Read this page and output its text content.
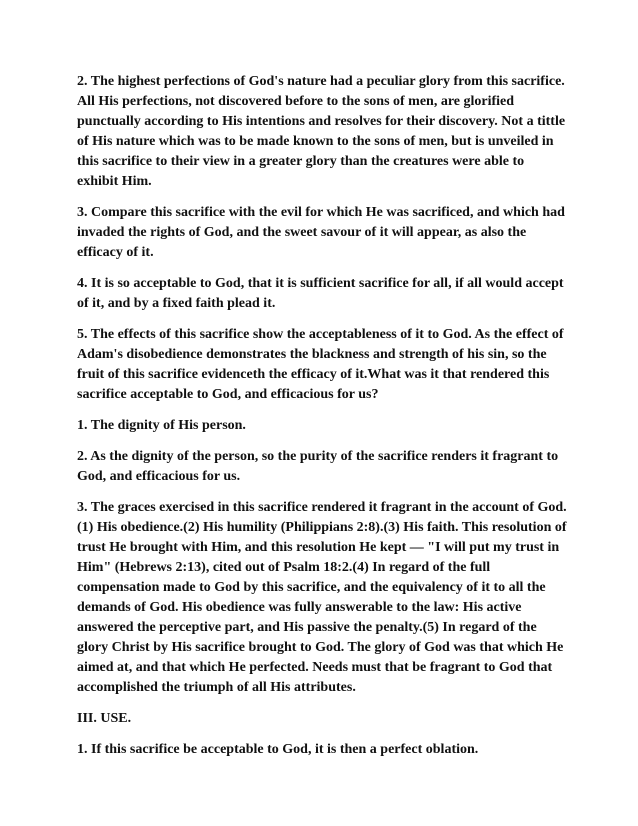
2. The highest perfections of God's nature had a peculiar glory from this sacrifice. All His perfections, not discovered before to the sons of men, are glorified punctually according to His intentions and resolves for their discovery. Not a tittle of His nature which was to be made known to the sons of men, but is unveiled in this sacrifice to their view in a greater glory than the creatures were able to exhibit Him.

3. Compare this sacrifice with the evil for which He was sacrificed, and which had invaded the rights of God, and the sweet savour of it will appear, as also the efficacy of it.

4. It is so acceptable to God, that it is sufficient sacrifice for all, if all would accept of it, and by a fixed faith plead it.

5. The effects of this sacrifice show the acceptableness of it to God. As the effect of Adam's disobedience demonstrates the blackness and strength of his sin, so the fruit of this sacrifice evidenceth the efficacy of it.What was it that rendered this sacrifice acceptable to God, and efficacious for us?

1. The dignity of His person.

2. As the dignity of the person, so the purity of the sacrifice renders it fragrant to God, and efficacious for us.

3. The graces exercised in this sacrifice rendered it fragrant in the account of God.(1) His obedience.(2) His humility (Philippians 2:8).(3) His faith. This resolution of trust He brought with Him, and this resolution He kept — "I will put my trust in Him" (Hebrews 2:13), cited out of Psalm 18:2.(4) In regard of the full compensation made to God by this sacrifice, and the equivalency of it to all the demands of God. His obedience was fully answerable to the law: His active answered the perceptive part, and His passive the penalty.(5) In regard of the glory Christ by His sacrifice brought to God. The glory of God was that which He aimed at, and that which He perfected. Needs must that be fragrant to God that accomplished the triumph of all His attributes.

III. USE.

1. If this sacrifice be acceptable to God, it is then a perfect oblation.
